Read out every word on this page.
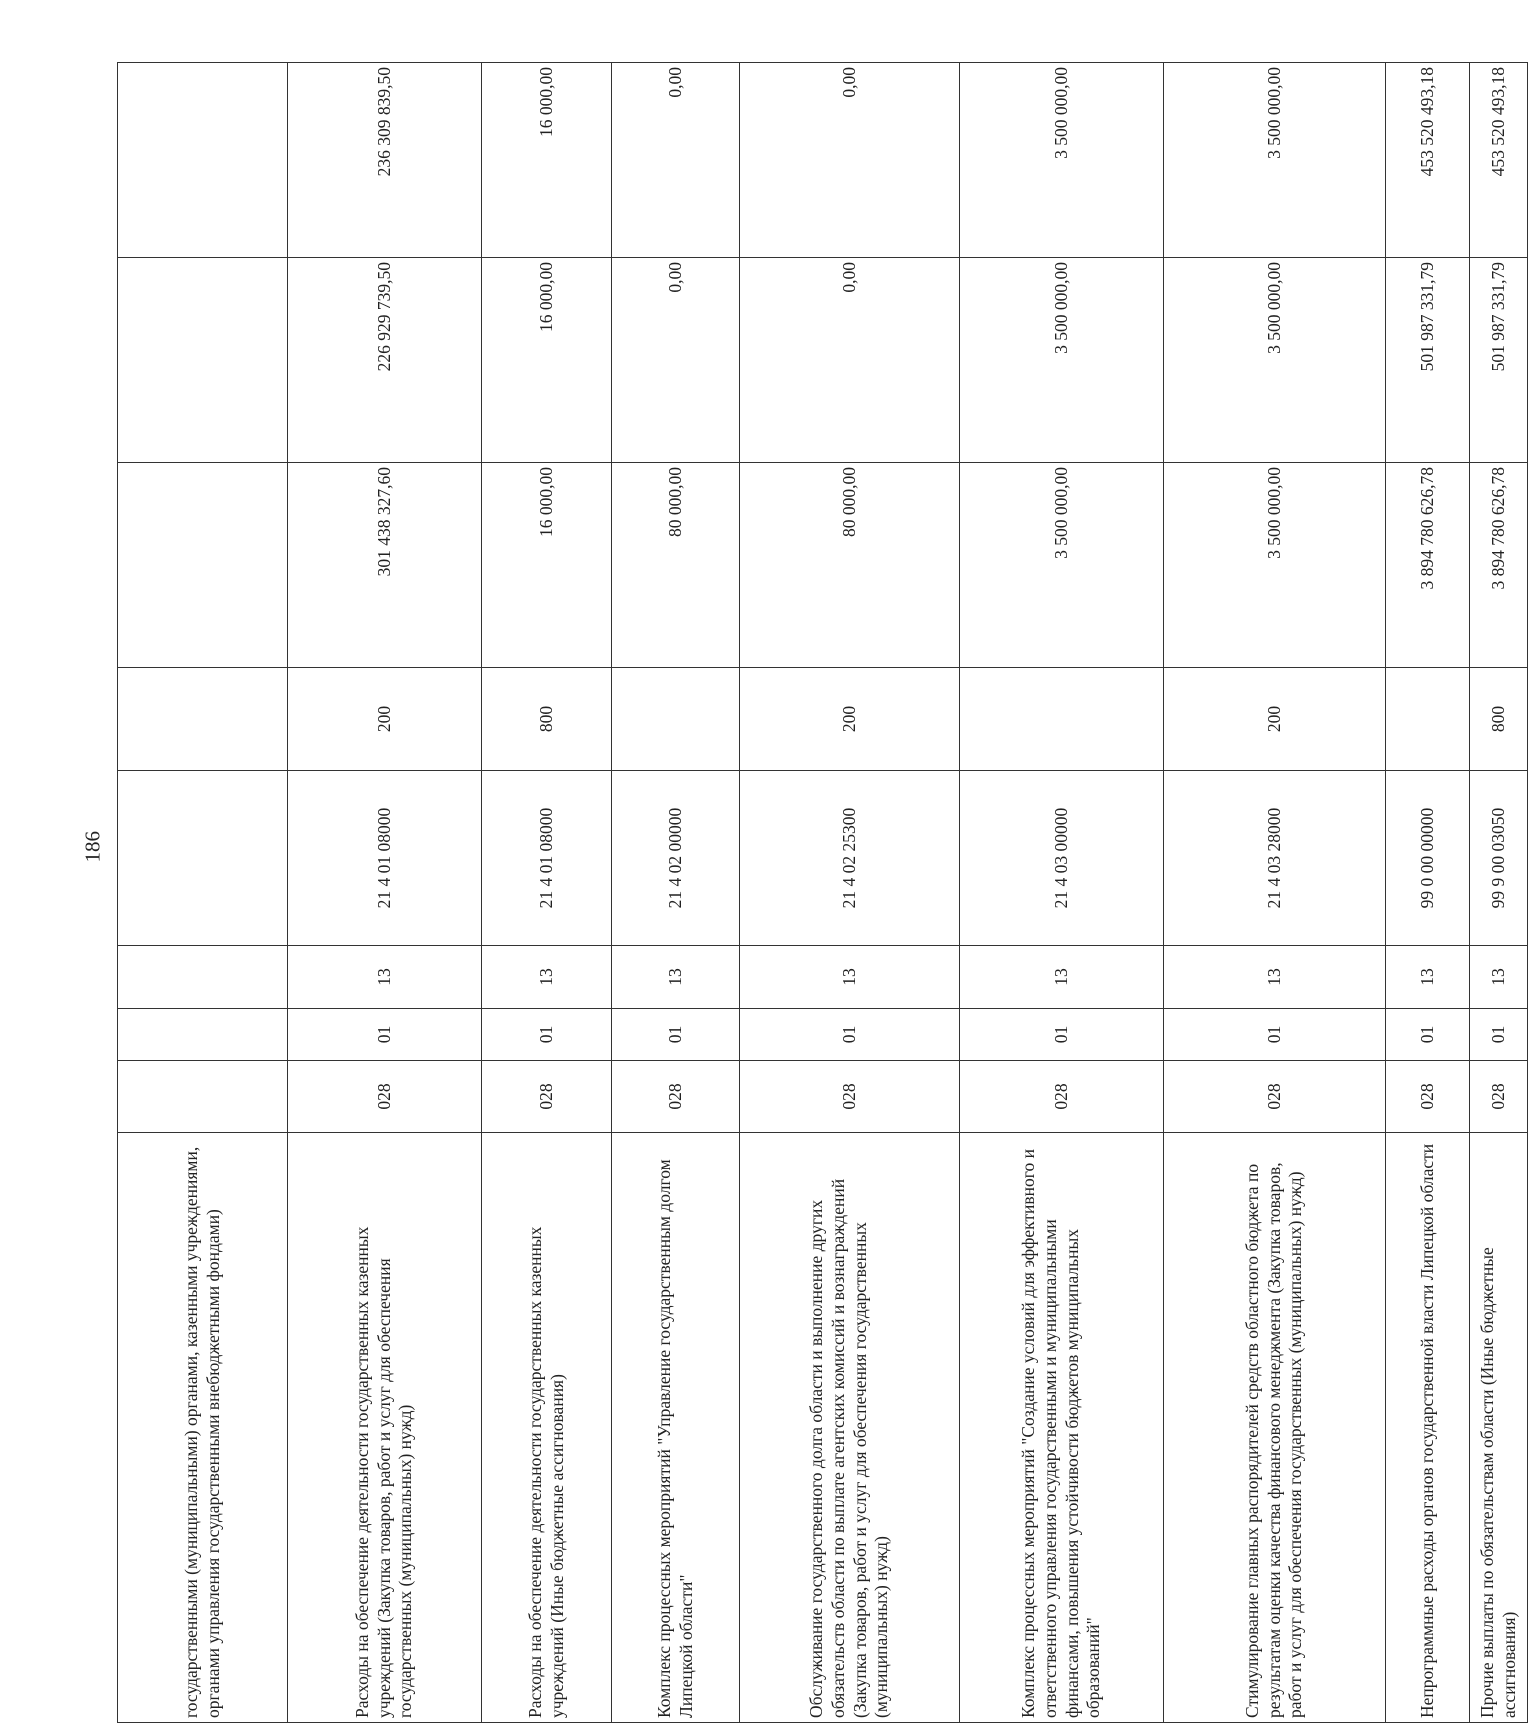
186
государственными (муниципальными) органами, казенными учреждениями, органами управления государственными внебюджетными фондами)								
Расходы на обеспечение деятельности государственных казенных учреждений (Закупка товаров, работ и услуг для обеспечения государственных (муниципальных) нужд)	028	01	13	21 4 01 08000	200	301 438 327,60	226 929 739,50	236 309 839,50
Расходы на обеспечение деятельности государственных казенных учреждений (Иные бюджетные ассигнования)	028	01	13	21 4 01 08000	800	16 000,00	16 000,00	16 000,00
Комплекс процессных мероприятий "Управление государственным долгом Липецкой области"	028	01	13	21 4 02 00000		80 000,00	0,00	0,00
Обслуживание государственного долга области и выполнение других обязательств области по выплате агентских комиссий и вознаграждений (Закупка товаров, работ и услуг для обеспечения государственных (муниципальных) нужд)	028	01	13	21 4 02 25300	200	80 000,00	0,00	0,00
Комплекс процессных мероприятий "Создание условий для эффективного и ответственного управления государственными и муниципальными финансами, повышения устойчивости бюджетов муниципальных образований"	028	01	13	21 4 03 00000		3 500 000,00	3 500 000,00	3 500 000,00
Стимулирование главных распорядителей средств областного бюджета по результатам оценки качества финансового менеджмента (Закупка товаров, работ и услуг для обеспечения государственных (муниципальных) нужд)	028	01	13	21 4 03 28000	200	3 500 000,00	3 500 000,00	3 500 000,00
Непрограммные расходы органов государственной власти Липецкой области	028	01	13	99 0 00 00000		3 894 780 626,78	501 987 331,79	453 520 493,18
Прочие выплаты по обязательствам области (Иные бюджетные ассигнования)	028	01	13	99 9 00 03050	800	3 894 780 626,78	501 987 331,79	453 520 493,18
